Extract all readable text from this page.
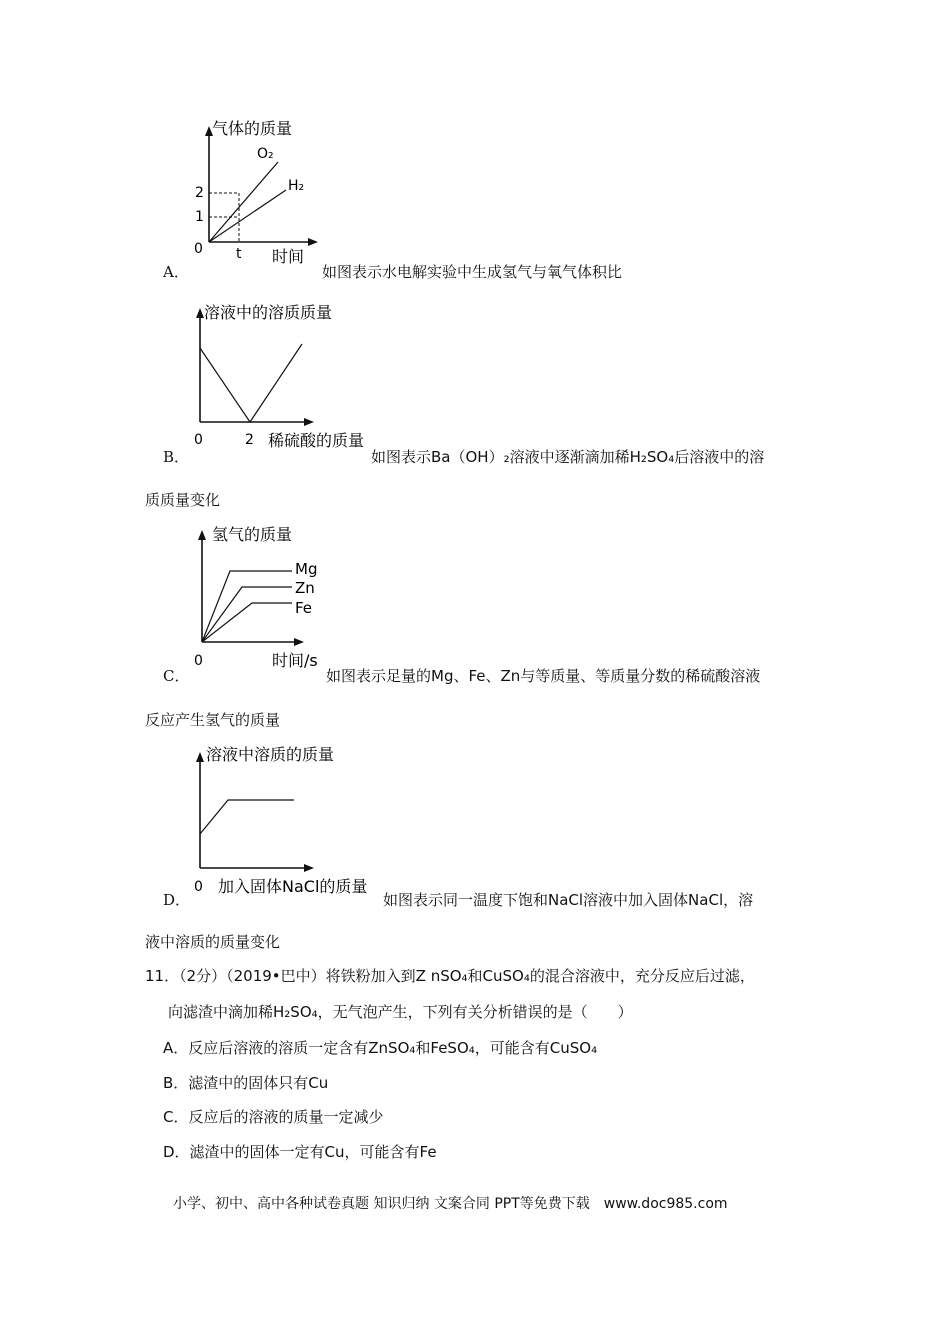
气体的质量
O₂
H₂
2
1
0 t 时间
A．	如图表示水电解实验中生成氢气与氧气体积比
溶液中的溶质质量
0	2 稀硫酸的质量
B．	如图表示Ba（OH）₂溶液中逐渐滴加稀H₂SO₄后溶液中的溶
质质量变化
氢气的质量
Mg
Zn
Fe
0	时间/s
C．	如图表示足量的Mg、Fe、Zn与等质量、等质量分数的稀硫酸溶液
反应产生氢气的质量
溶液中溶质的质量
0 加入固体NaCl的质量
D．	如图表示同一温度下饱和NaCl溶液中加入固体NaCl，溶
液中溶质的质量变化
11．（2分）（2019•巴中）将铁粉加入到Z nSO₄和CuSO₄的混合溶液中，充分反应后过滤，
向滤渣中滴加稀H₂SO₄，无气泡产生，下列有关分析错误的是（　　）
A．反应后溶液的溶质一定含有ZnSO₄和FeSO₄，可能含有CuSO₄
B．滤渣中的固体只有Cu
C．反应后的溶液的质量一定减少
D．滤渣中的固体一定有Cu，可能含有Fe
小学、初中、高中各种试卷真题 知识归纳 文案合同 PPT等免费下载　www.doc985.com
